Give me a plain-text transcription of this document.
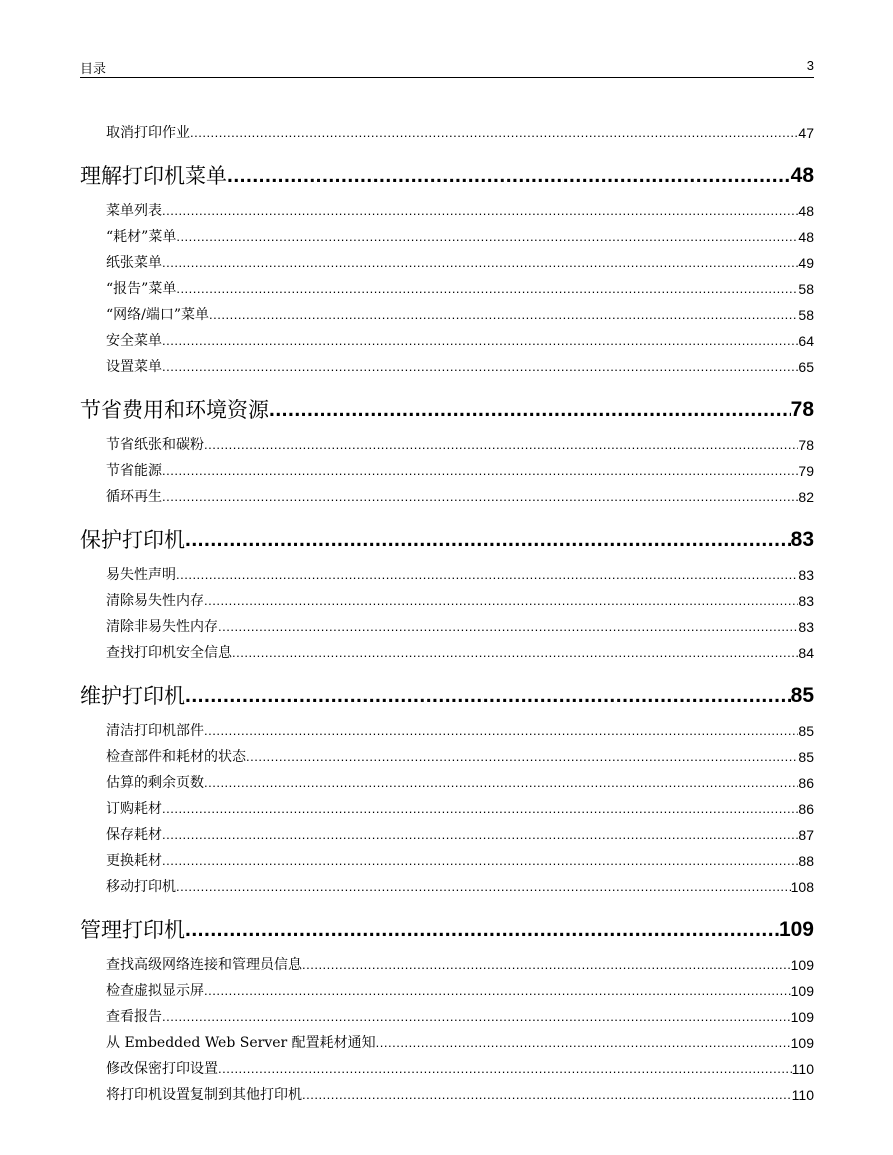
目录	3
取消打印作业 .....	47
理解打印机菜单 .....	48
菜单列表 .....	48
“耗材”菜单 .....	48
纸张菜单 .....	49
“报告”菜单 .....	58
“网络/端口”菜单 .....	58
安全菜单 .....	64
设置菜单 .....	65
节省费用和环境资源 .....	78
节省纸张和碳粉 .....	78
节省能源 .....	79
循环再生 .....	82
保护打印机 .....	83
易失性声明 .....	83
清除易失性内存 .....	83
清除非易失性内存 .....	83
查找打印机安全信息 .....	84
维护打印机 .....	85
清洁打印机部件 .....	85
检查部件和耗材的状态 .....	85
估算的剩余页数 .....	86
订购耗材 .....	86
保存耗材 .....	87
更换耗材 .....	88
移动打印机 .....	108
管理打印机 .....	109
查找高级网络连接和管理员信息 .....	109
检查虚拟显示屏 .....	109
查看报告 .....	109
从 Embedded Web Server 配置耗材通知 .....	109
修改保密打印设置 .....	110
将打印机设置复制到其他打印机 .....	110
